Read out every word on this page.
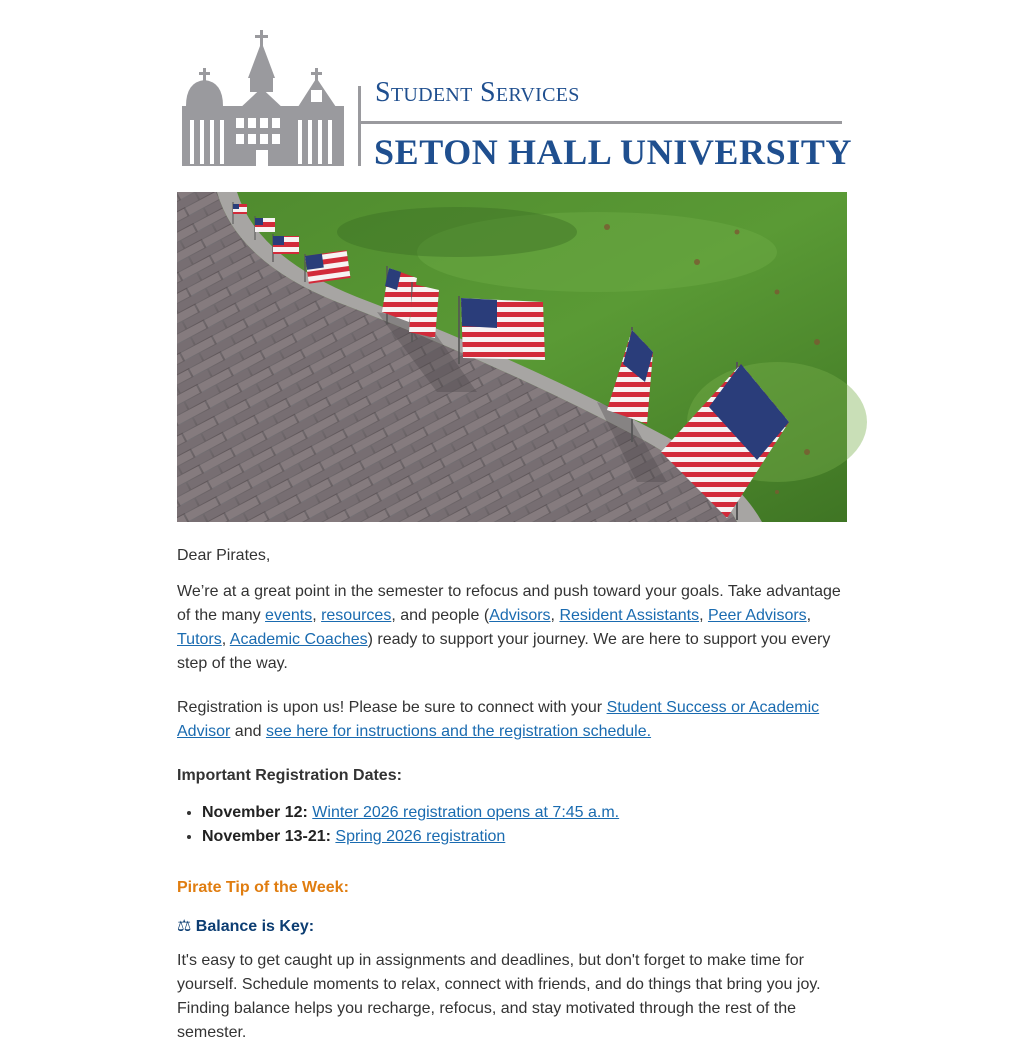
Student Services
SETON HALL UNIVERSITY

Dear Pirates,

We’re at a great point in the semester to refocus and push toward your goals. Take advantage of the many events, resources, and people (Advisors, Resident Assistants, Peer Advisors, Tutors, Academic Coaches) ready to support your journey. We are here to support you every step of the way.

Registration is upon us! Please be sure to connect with your Student Success or Academic Advisor and see here for instructions and the registration schedule.

Important Registration Dates:

• November 12: Winter 2026 registration opens at 7:45 a.m.
• November 13-21: Spring 2026 registration

Pirate Tip of the Week:

⚖ Balance is Key:

It's easy to get caught up in assignments and deadlines, but don't forget to make time for yourself. Schedule moments to relax, connect with friends, and do things that bring you joy. Finding balance helps you recharge, refocus, and stay motivated through the rest of the semester.
